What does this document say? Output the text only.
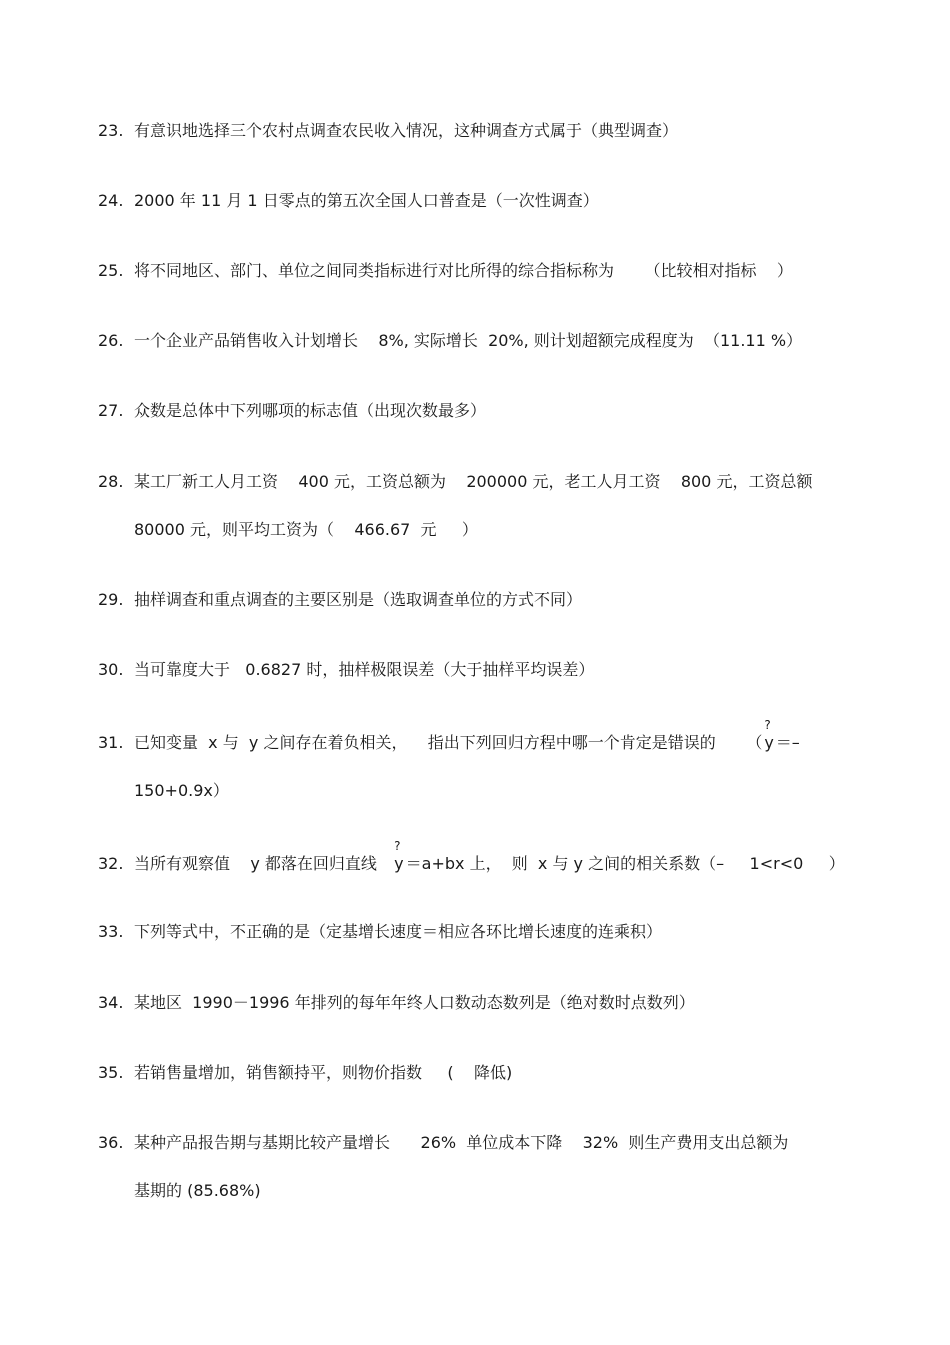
23. 有意识地选择三个农村点调查农民收入情况，这种调查方式属于（典型调查）
24. 2000 年 11 月 1 日零点的第五次全国人口普查是（一次性调查）
25. 将不同地区、部门、单位之间同类指标进行对比所得的综合指标称为      （比较相对指标    ）
26. 一个企业产品销售收入计划增长    8%, 实际增长  20%, 则计划超额完成程度为  （11.11 %）
27. 众数是总体中下列哪项的标志值（出现次数最多）
28. 某工厂新工人月工资    400 元，工资总额为    200000 元，老工人月工资    800 元，工资总额
80000 元，则平均工资为（    466.67  元     ）
29. 抽样调查和重点调查的主要区别是（选取调查单位的方式不同）
30. 当可靠度大于   0.6827 时，抽样极限误差（大于抽样平均误差）
31. 已知变量  x 与  y 之间存在着负相关，    指出下列回归方程中哪一个肯定是错误的      （
?
y ＝–
150+0.9x）
32. 当所有观察值    y 都落在回归直线
?
y ＝a+bx 上，  则  x 与 y 之间的相关系数（–     1<r<0     ）
33. 下列等式中，不正确的是（定基增长速度＝相应各环比增长速度的连乘积）
34. 某地区  1990－1996 年排列的每年年终人口数动态数列是（绝对数时点数列）
35. 若销售量增加，销售额持平，则物价指数     (    降低)
36. 某种产品报告期与基期比较产量增长      26%  单位成本下降    32%  则生产费用支出总额为
基期的 (85.68%)
